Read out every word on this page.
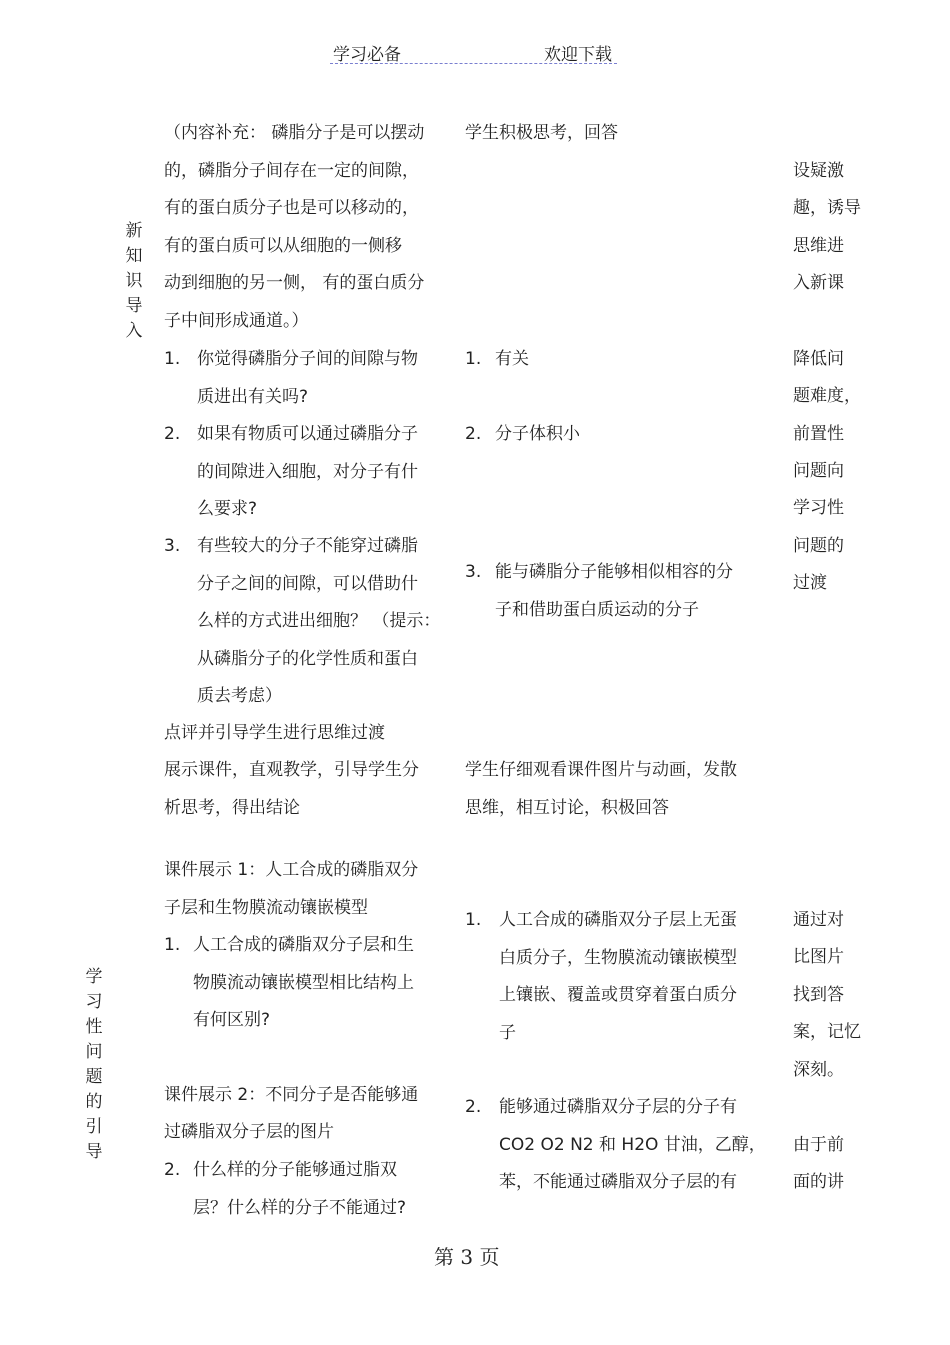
学习必备	欢迎下载
新知识导入
学习性问题的引导
（内容补充： 磷脂分子是可以摆动
的，磷脂分子间存在一定的间隙，
有的蛋白质分子也是可以移动的，
有的蛋白质可以从细胞的一侧移
动到细胞的另一侧， 有的蛋白质分
子中间形成通道。）
学生积极思考，回答
设疑激
趣，诱导
思维进
入新课
1. 你觉得磷脂分子间的间隙与物
质进出有关吗?
2. 如果有物质可以通过磷脂分子
的间隙进入细胞，对分子有什
么要求?
3. 有些较大的分子不能穿过磷脂
分子之间的间隙，可以借助什
么样的方式进出细胞？ （提示：
从磷脂分子的化学性质和蛋白
质去考虑）
1. 有关
2. 分子体积小
3. 能与磷脂分子能够相似相容的分
子和借助蛋白质运动的分子
降低问
题难度，
前置性
问题向
学习性
问题的
过渡
点评并引导学生进行思维过渡
展示课件，直观教学，引导学生分
析思考，得出结论
学生仔细观看课件图片与动画，发散
思维，相互讨论，积极回答
课件展示 1：人工合成的磷脂双分
子层和生物膜流动镶嵌模型
1. 人工合成的磷脂双分子层和生
物膜流动镶嵌模型相比结构上
有何区别?
课件展示 2：不同分子是否能够通
过磷脂双分子层的图片
2. 什么样的分子能够通过脂双
层？什么样的分子不能通过?
1. 人工合成的磷脂双分子层上无蛋
白质分子，生物膜流动镶嵌模型
上镶嵌、覆盖或贯穿着蛋白质分
子
2. 能够通过磷脂双分子层的分子有
CO2 O2 N2 和 H2O 甘油，乙醇，
苯，不能通过磷脂双分子层的有
通过对
比图片
找到答
案，记忆
深刻。
由于前
面的讲
第 3 页
